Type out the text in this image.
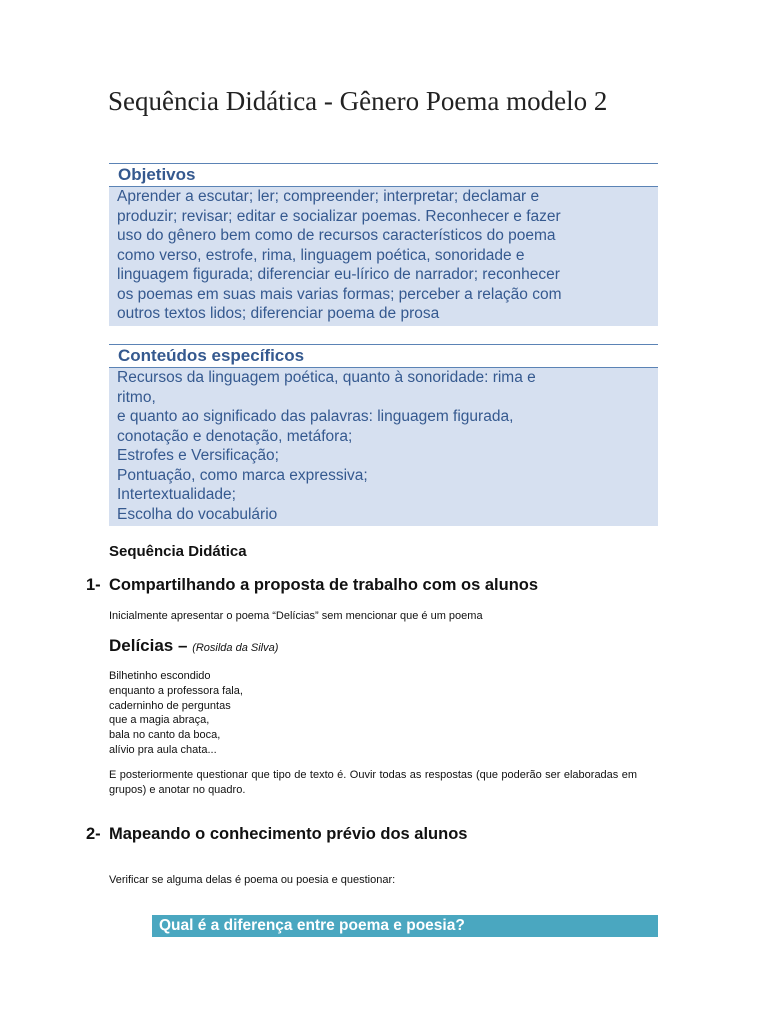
Sequência Didática - Gênero Poema modelo 2
Objetivos
Aprender a escutar; ler; compreender; interpretar; declamar e
produzir; revisar; editar e socializar poemas. Reconhecer e fazer
uso do gênero bem como de recursos característicos do poema
como verso, estrofe, rima, linguagem poética, sonoridade e
linguagem figurada; diferenciar eu-lírico de narrador; reconhecer
os poemas em suas mais varias formas; perceber a relação com
outros textos lidos; diferenciar poema de prosa
Conteúdos específicos
Recursos da linguagem poética, quanto à sonoridade: rima e
ritmo,
e quanto ao significado das palavras: linguagem figurada,
conotação e denotação, metáfora;
Estrofes e Versificação;
Pontuação, como marca expressiva;
Intertextualidade;
Escolha do vocabulário
Sequência Didática
1- Compartilhando a proposta de trabalho com os alunos
Inicialmente apresentar o poema “Delícias” sem mencionar que é um poema
Delícias – (Rosilda da Silva)
Bilhetinho escondido
enquanto a professora fala,
caderninho de perguntas
que a magia abraça,
bala no canto da boca,
alívio pra aula chata...
E posteriormente questionar que tipo de texto é. Ouvir todas as respostas (que poderão ser elaboradas em grupos) e anotar no quadro.
2- Mapeando o conhecimento prévio dos alunos
Verificar se alguma delas é poema ou poesia e questionar:
Qual é a diferença entre poema e poesia?
